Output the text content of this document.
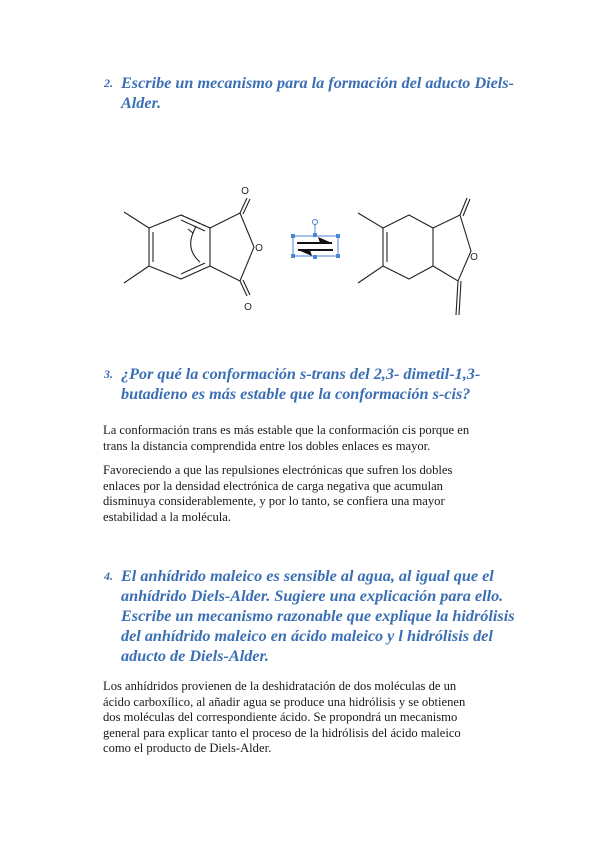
2. Escribe un mecanismo para la formación del aducto Diels-
Alder.
O
O
O
O
3. ¿Por qué la conformación s-trans del 2,3- dimetil-1,3-
butadieno es más estable que la conformación s-cis?
La conformación trans es más estable que la conformación cis porque en
trans la distancia comprendida entre los dobles enlaces es mayor.
Favoreciendo a que las repulsiones electrónicas que sufren los dobles
enlaces por la densidad electrónica de carga negativa que acumulan
disminuya considerablemente, y por lo tanto, se confiera una mayor
estabilidad a la molécula.
4. El anhídrido maleico es sensible al agua, al igual que el
anhídrido Diels-Alder. Sugiere una explicación para ello.
Escribe un mecanismo razonable que explique la hidrólisis
del anhídrido maleico en ácido maleico y l hidrólisis del
aducto de Diels-Alder.
Los anhídridos provienen de la deshidratación de dos moléculas de un
ácido carboxílico, al añadir agua se produce una hidrólisis y se obtienen
dos moléculas del correspondiente ácido. Se propondrá un mecanismo
general para explicar tanto el proceso de la hidrólisis del ácido maleico
como el producto de Diels-Alder.
